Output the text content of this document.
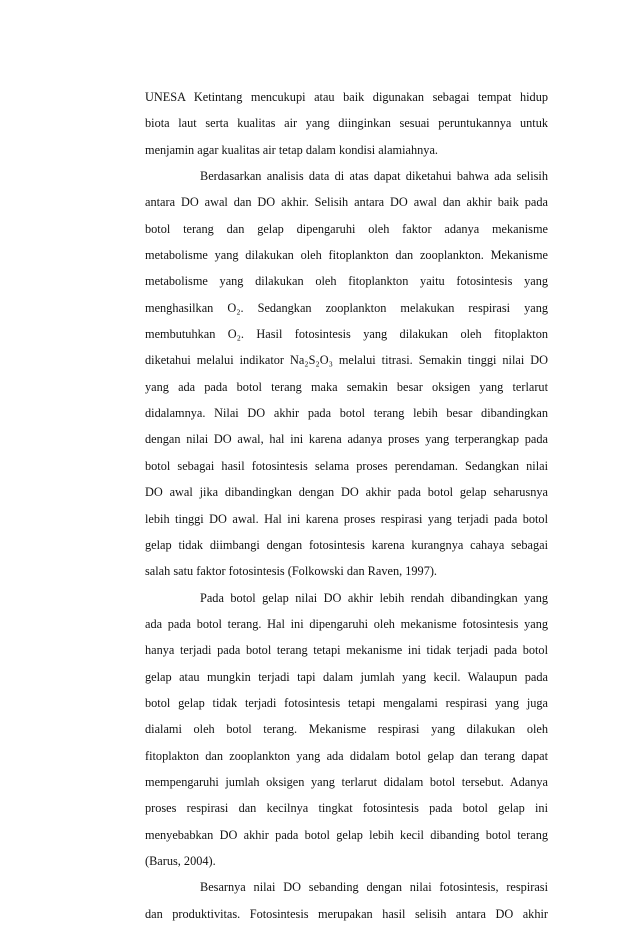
UNESA Ketintang mencukupi atau baik digunakan sebagai tempat hidup
biota laut serta kualitas air yang diinginkan sesuai peruntukannya untuk
menjamin agar kualitas air tetap dalam kondisi alamiahnya.
Berdasarkan analisis data di atas dapat diketahui bahwa ada selisih
antara DO awal dan DO akhir. Selisih antara DO awal dan akhir baik pada
botol terang dan gelap dipengaruhi oleh faktor adanya mekanisme
metabolisme yang dilakukan oleh fitoplankton dan zooplankton. Mekanisme
metabolisme yang dilakukan oleh fitoplankton yaitu fotosintesis yang
menghasilkan O₂. Sedangkan zooplankton melakukan respirasi yang
membutuhkan O₂. Hasil fotosintesis yang dilakukan oleh fitoplakton
diketahui melalui indikator Na₂S₂O₃ melalui titrasi. Semakin tinggi nilai DO
yang ada pada botol terang maka semakin besar oksigen yang terlarut
didalamnya. Nilai DO akhir pada botol terang lebih besar dibandingkan
dengan nilai DO awal, hal ini karena adanya proses yang terperangkap pada
botol sebagai hasil fotosintesis selama proses perendaman. Sedangkan nilai
DO awal jika dibandingkan dengan DO akhir pada botol gelap seharusnya
lebih tinggi DO awal. Hal ini karena proses respirasi yang terjadi pada botol
gelap tidak diimbangi dengan fotosintesis karena kurangnya cahaya sebagai
salah satu faktor fotosintesis (Folkowski dan Raven, 1997).
Pada botol gelap nilai DO akhir lebih rendah dibandingkan yang
ada pada botol terang. Hal ini dipengaruhi oleh mekanisme fotosintesis yang
hanya terjadi pada botol terang tetapi mekanisme ini tidak terjadi pada botol
gelap atau mungkin terjadi tapi dalam jumlah yang kecil. Walaupun pada
botol gelap tidak terjadi fotosintesis tetapi mengalami respirasi yang juga
dialami oleh botol terang. Mekanisme respirasi yang dilakukan oleh
fitoplakton dan zooplankton yang ada didalam botol gelap dan terang dapat
mempengaruhi jumlah oksigen yang terlarut didalam botol tersebut. Adanya
proses respirasi dan kecilnya tingkat fotosintesis pada botol gelap ini
menyebabkan DO akhir pada botol gelap lebih kecil dibanding botol terang
(Barus, 2004).
Besarnya nilai DO sebanding dengan nilai fotosintesis, respirasi
dan produktivitas. Fotosintesis merupakan hasil selisih antara DO akhir
